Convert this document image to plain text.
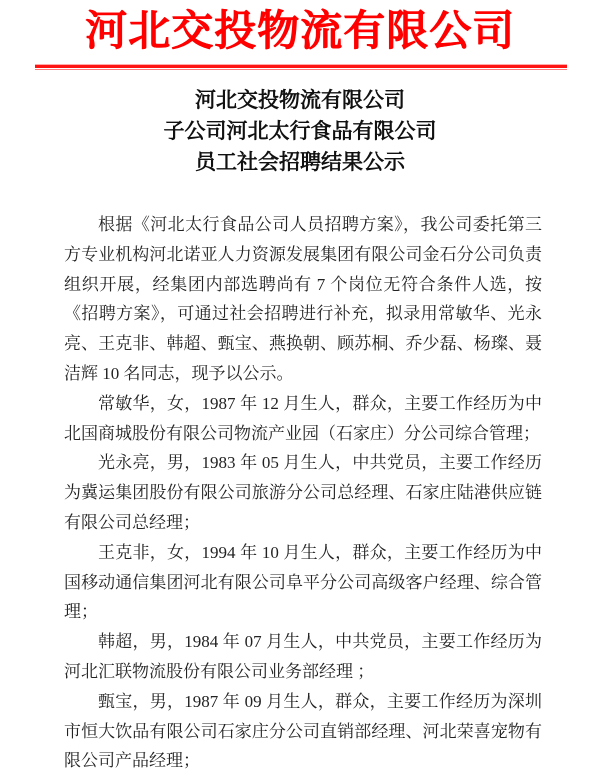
河北交投物流有限公司
河北交投物流有限公司
子公司河北太行食品有限公司
员工社会招聘结果公示

根据《河北太行食品公司人员招聘方案》，我公司委托第三方专业机构河北诺亚人力资源发展集团有限公司金石分公司负责组织开展，经集团内部选聘尚有 7 个岗位无符合条件人选，按《招聘方案》，可通过社会招聘进行补充，拟录用常敏华、光永亮、王克非、韩超、甄宝、燕换朝、顾苏桐、乔少磊、杨璨、聂洁辉 10 名同志，现予以公示。

常敏华，女，1987 年 12 月生人，群众，主要工作经历为中北国商城股份有限公司物流产业园（石家庄）分公司综合管理；

光永亮，男，1983 年 05 月生人，中共党员，主要工作经历为冀运集团股份有限公司旅游分公司总经理、石家庄陆港供应链有限公司总经理；

王克非，女，1994 年 10 月生人，群众，主要工作经历为中国移动通信集团河北有限公司阜平分公司高级客户经理、综合管理；

韩超，男，1984 年 07 月生人，中共党员，主要工作经历为河北汇联物流股份有限公司业务部经理 ；

甄宝，男，1987 年 09 月生人，群众，主要工作经历为深圳市恒大饮品有限公司石家庄分公司直销部经理、河北荣喜宠物有限公司产品经理；
